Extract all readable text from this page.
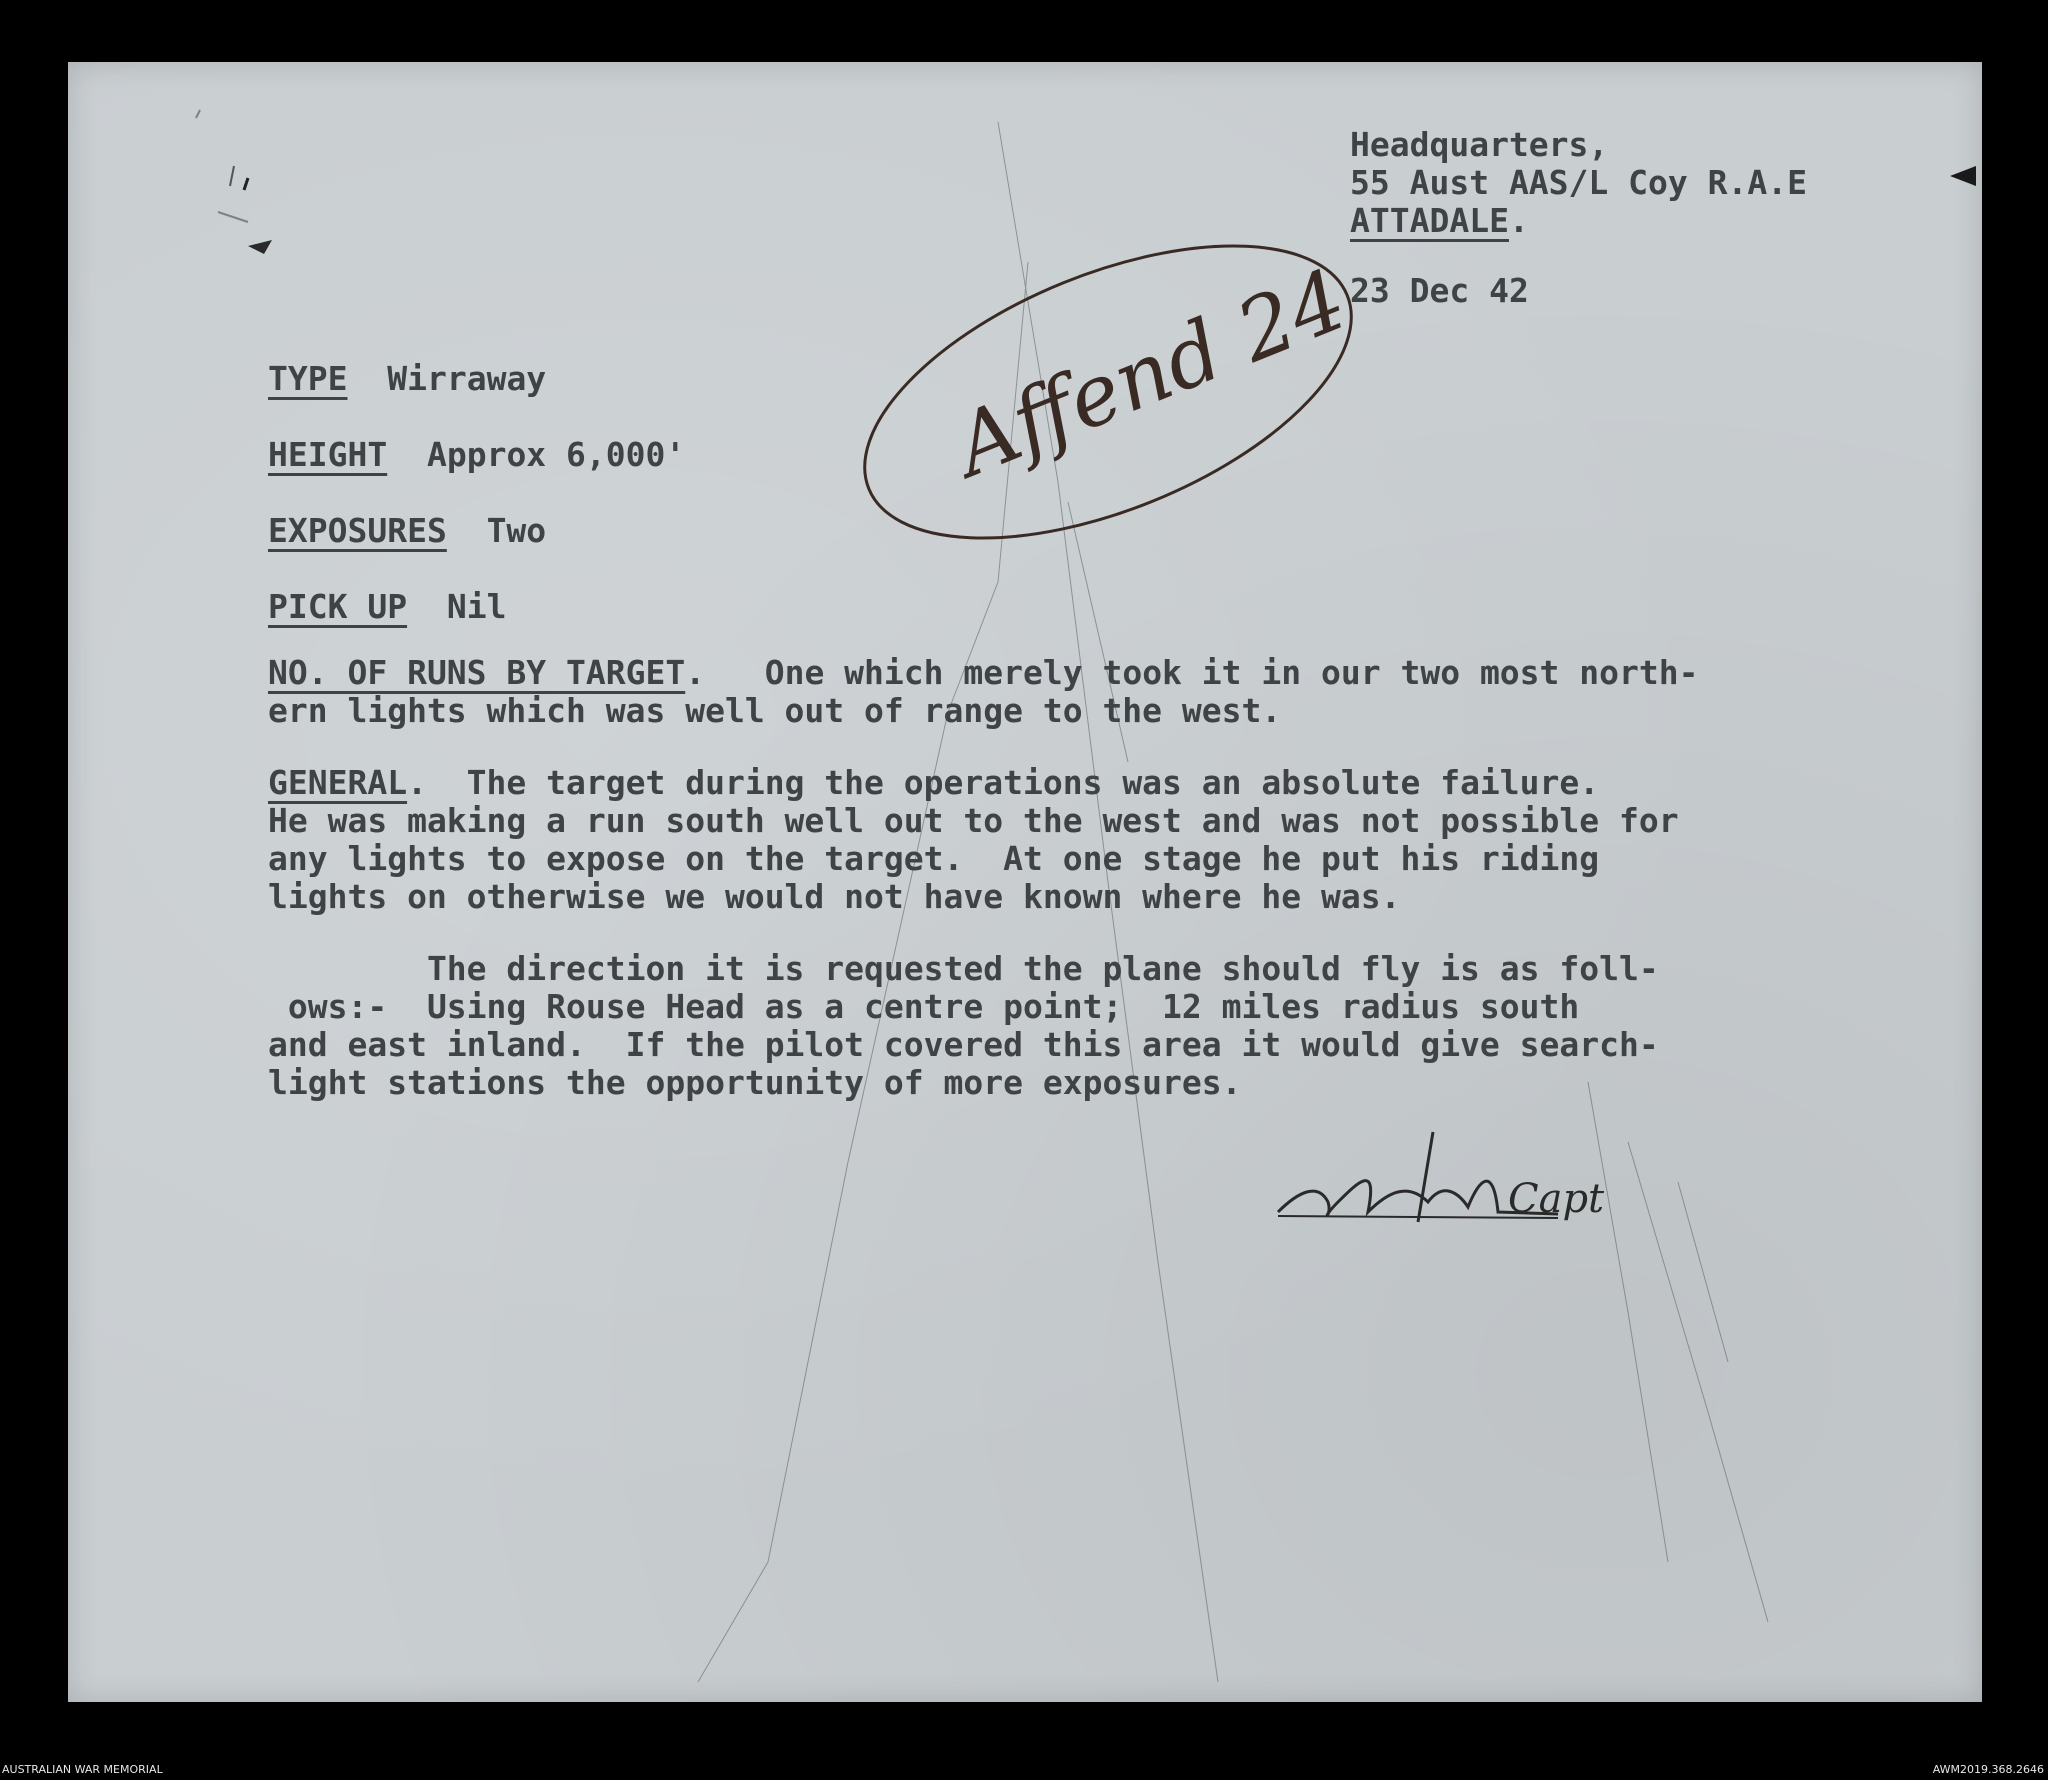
Headquarters,
55 Aust AAS/L Coy R.A.E
ATTADALE.
23 Dec 42
Affend 24
TYPE Wirraway
HEIGHT Approx 6,000'
EXPOSURES Two
PICK UP Nil
NO. OF RUNS BY TARGET.   One which merely took it in our two most north-
ern lights which was well out of range to the west.
GENERAL.  The target during the operations was an absolute failure.
He was making a run south well out to the west and was not possible for
any lights to expose on the target.  At one stage he put his riding
lights on otherwise we would not have known where he was.
The direction it is requested the plane should fly is as foll-
ows:-  Using Rouse Head as a centre point;  12 miles radius south
and east inland.  If the pilot covered this area it would give search-
light stations the opportunity of more exposures.
Capt
AUSTRALIAN WAR MEMORIAL	AWM2019.368.2646
